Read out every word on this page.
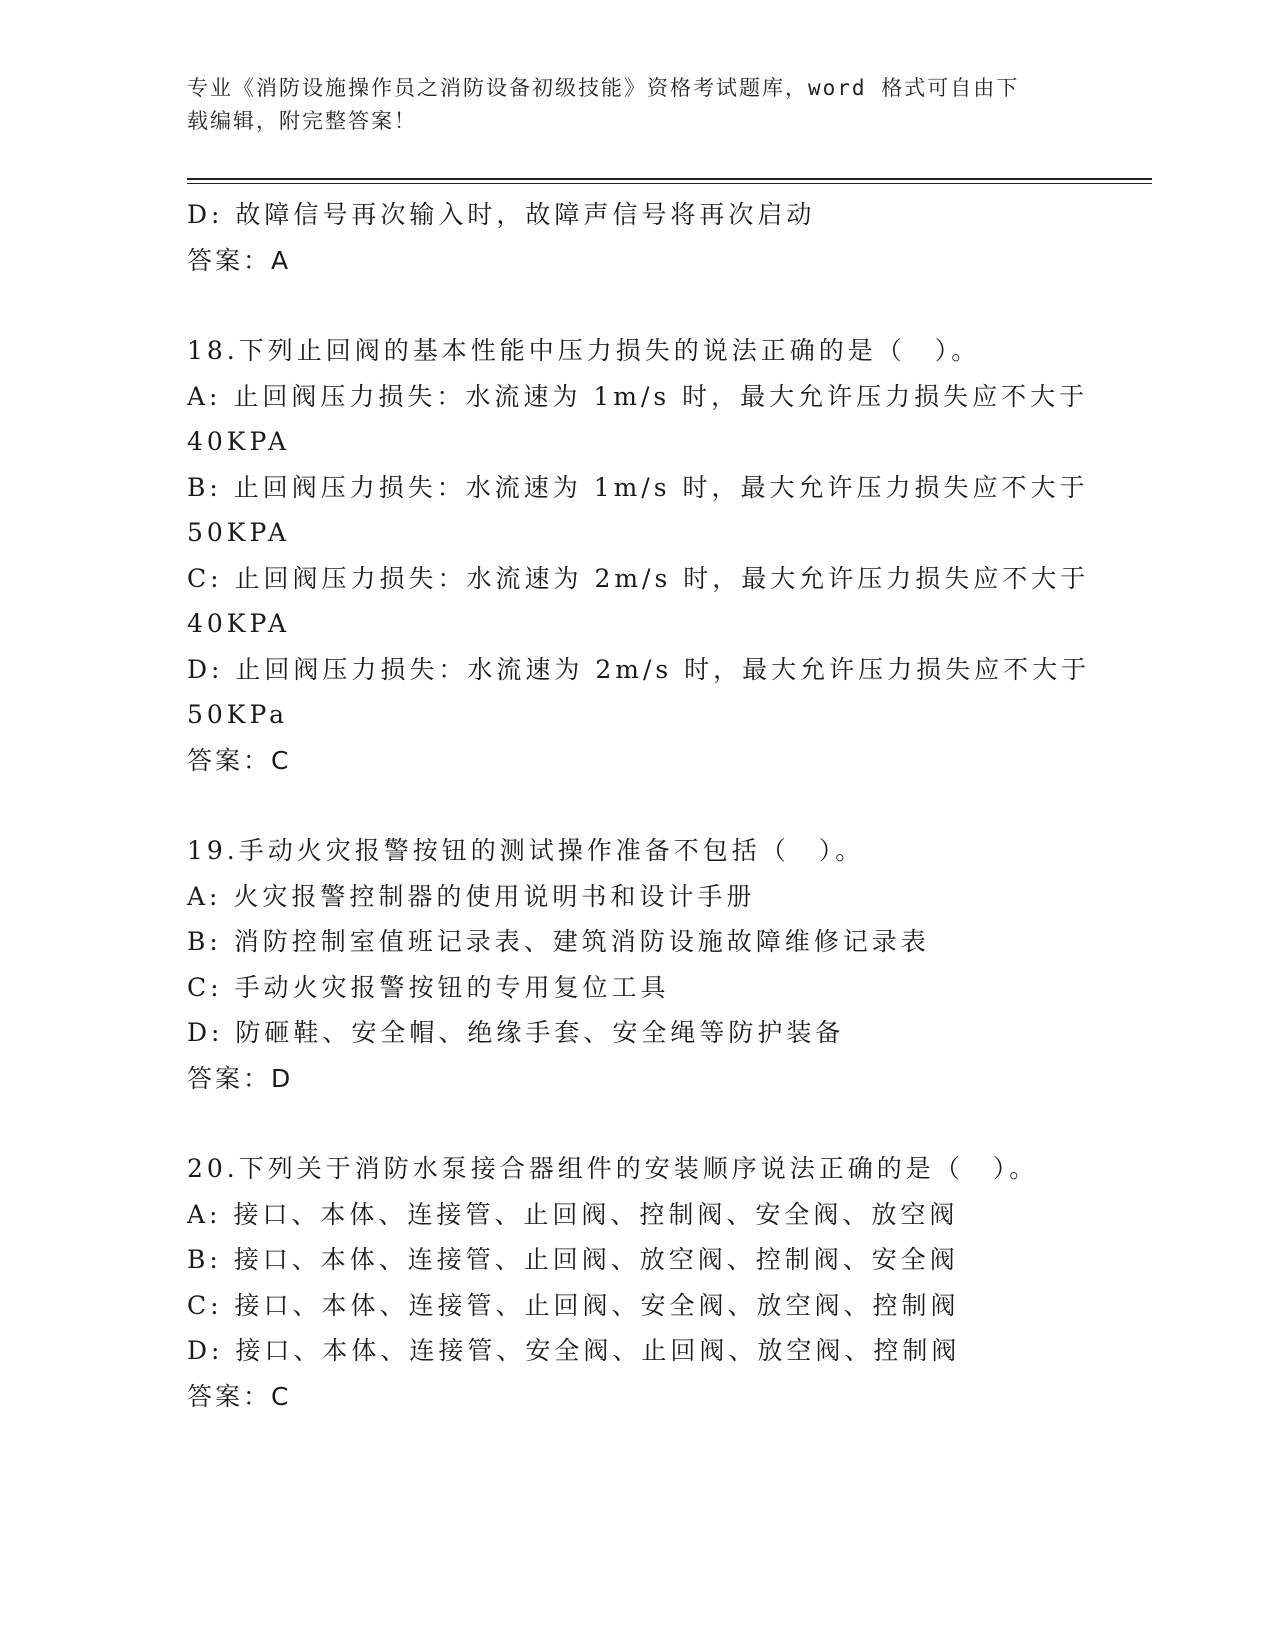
专业《消防设施操作员之消防设备初级技能》资格考试题库，word 格式可自由下
载编辑，附完整答案！
D: 故障信号再次输入时，故障声信号将再次启动
答案：A
18.下列止回阀的基本性能中压力损失的说法正确的是（　）。
A: 止回阀压力损失：水流速为 1m/s 时，最大允许压力损失应不大于
40KPA
B: 止回阀压力损失：水流速为 1m/s 时，最大允许压力损失应不大于
50KPA
C: 止回阀压力损失：水流速为 2m/s 时，最大允许压力损失应不大于
40KPA
D: 止回阀压力损失：水流速为 2m/s 时，最大允许压力损失应不大于
50KPa
答案：C
19.手动火灾报警按钮的测试操作准备不包括（　）。
A: 火灾报警控制器的使用说明书和设计手册
B: 消防控制室值班记录表、建筑消防设施故障维修记录表
C: 手动火灾报警按钮的专用复位工具
D: 防砸鞋、安全帽、绝缘手套、安全绳等防护装备
答案：D
20.下列关于消防水泵接合器组件的安装顺序说法正确的是（　）。
A: 接口、本体、连接管、止回阀、控制阀、安全阀、放空阀
B: 接口、本体、连接管、止回阀、放空阀、控制阀、安全阀
C: 接口、本体、连接管、止回阀、安全阀、放空阀、控制阀
D: 接口、本体、连接管、安全阀、止回阀、放空阀、控制阀
答案：C
